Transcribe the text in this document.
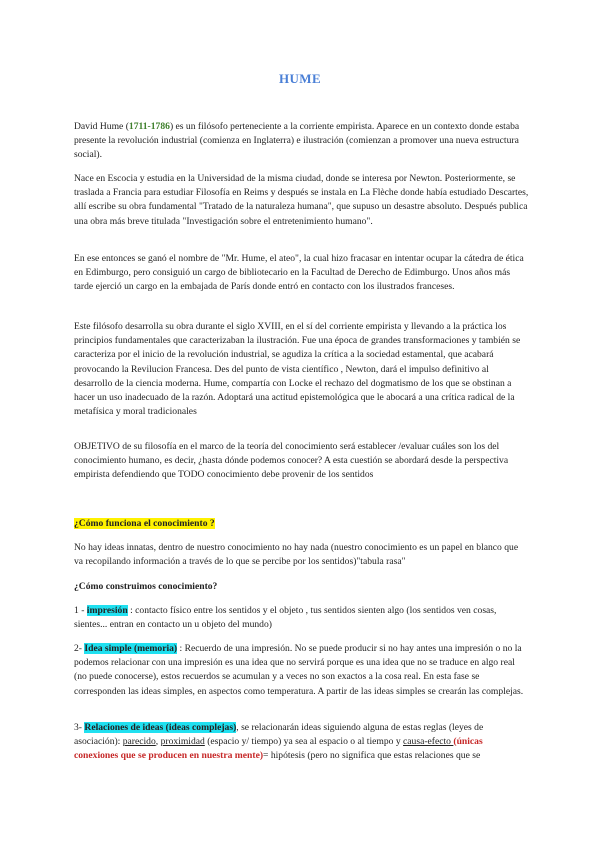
HUME

David Hume (1711-1786) es un filósofo perteneciente a la corriente empirista. Aparece en un contexto donde estaba presente la revolución industrial (comienza en Inglaterra) e ilustración (comienzan a promover una nueva estructura social).

Nace en Escocia y estudia en la Universidad de la misma ciudad, donde se interesa por Newton. Posteriormente, se traslada a Francia para estudiar Filosofía en Reims y después se instala en La Flèche donde había estudiado Descartes, allí escribe su obra fundamental "Tratado de la naturaleza humana", que supuso un desastre absoluto. Después publica una obra más breve titulada "Investigación sobre el entretenimiento humano".

En ese entonces se ganó el nombre de "Mr. Hume, el ateo", la cual hizo fracasar en intentar ocupar la cátedra de ética en Edimburgo, pero consiguió un cargo de bibliotecario en la Facultad de Derecho de Edimburgo. Unos años más tarde ejerció un cargo en la embajada de París donde entró en contacto con los ilustrados franceses.

Este filósofo desarrolla su obra durante el siglo XVIII, en el sí del corriente empirista y llevando a la práctica los principios fundamentales que caracterizaban la ilustración. Fue una época de grandes transformaciones y también se caracteriza por el inicio de la revolución industrial, se agudiza la crítica a la sociedad estamental, que acabará provocando la Revilucion Francesa. Des del punto de vista científico , Newton, dará el impulso definitivo al desarrollo de la ciencia moderna. Hume, compartía con Locke el rechazo del dogmatismo de los que se obstinan a hacer un uso inadecuado de la razón. Adoptará una actitud epistemológica que le abocará a una crítica radical de la metafísica y moral tradicionales

OBJETIVO de su filosofía en el marco de la teoría del conocimiento será establecer /evaluar cuáles son los del conocimiento humano, es decir, ¿hasta dónde podemos conocer? A esta cuestión se abordará desde la perspectiva empirista defendiendo que TODO conocimiento debe provenir de los sentidos

¿Cómo funciona el conocimiento ?

No hay ideas innatas, dentro de nuestro conocimiento no hay nada (nuestro conocimiento es un papel en blanco que va recopilando información a través de lo que se percibe por los sentidos)"tabula rasa"

¿Cómo construimos conocimiento?

1 - impresión : contacto físico entre los sentidos y el objeto , tus sentidos sienten algo (los sentidos ven cosas, sientes... entran en contacto un u objeto del mundo)

2- Idea simple (memoria) : Recuerdo de una impresión. No se puede producir si no hay antes una impresión o no la podemos relacionar con una impresión es una idea que no servirá porque es una idea que no se traduce en algo real (no puede conocerse), estos recuerdos se acumulan y a veces no son exactos a la cosa real. En esta fase se corresponden las ideas simples, en aspectos como temperatura. A partir de las ideas simples se crearán las complejas.

3- Relaciones de ideas (ideas complejas), se relacionarán ideas siguiendo alguna de estas reglas (leyes de asociación): parecido, proximidad (espacio y/ tiempo) ya sea al espacio o al tiempo y causa-efecto (únicas conexiones que se producen en nuestra mente)= hipótesis (pero no significa que estas relaciones que se
